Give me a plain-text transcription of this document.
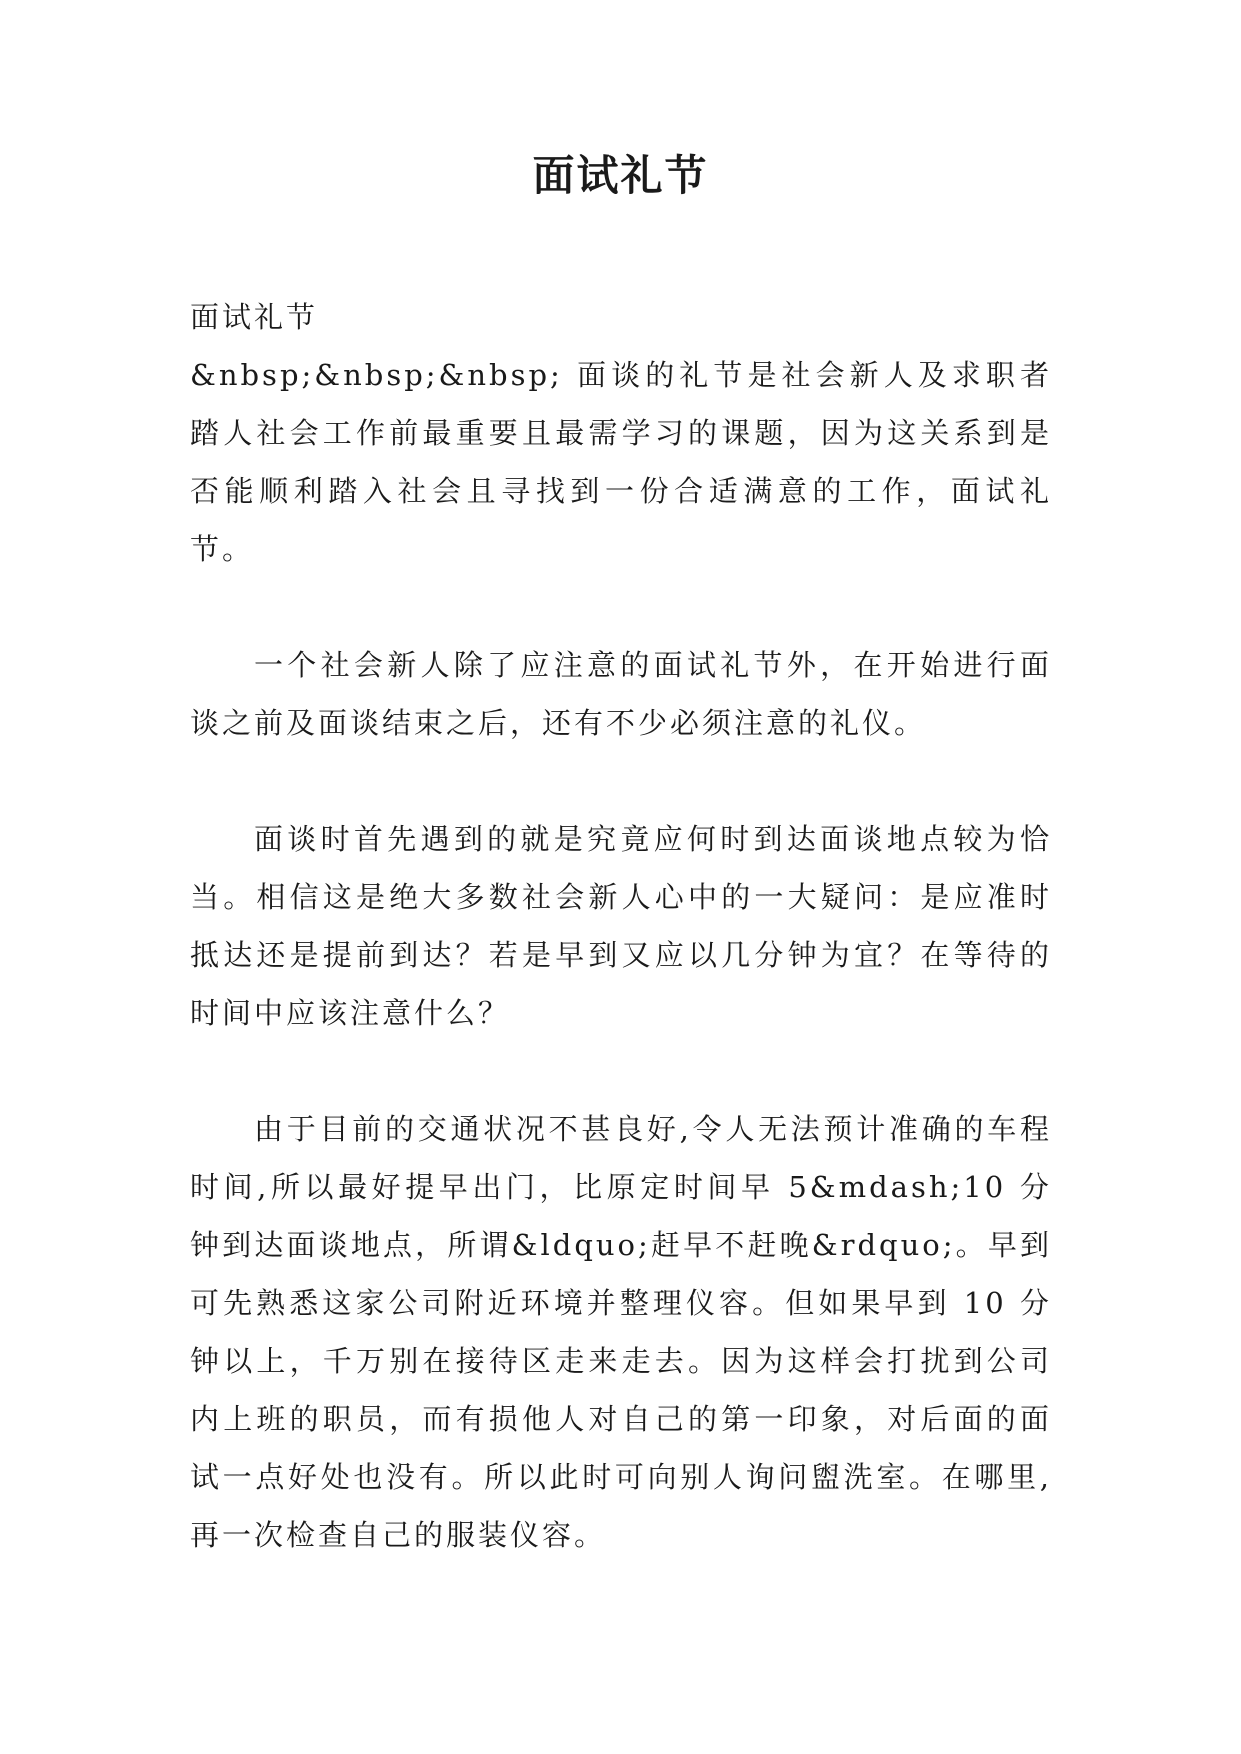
面试礼节

面试礼节

&nbsp;&nbsp;&nbsp; 面谈的礼节是社会新人及求职者踏人社会工作前最重要且最需学习的课题，因为这关系到是否能顺利踏入社会且寻找到一份合适满意的工作，面试礼节。

一个社会新人除了应注意的面试礼节外，在开始进行面谈之前及面谈结束之后，还有不少必须注意的礼仪。

面谈时首先遇到的就是究竟应何时到达面谈地点较为恰当。相信这是绝大多数社会新人心中的一大疑问：是应准时抵达还是提前到达？若是早到又应以几分钟为宜？在等待的时间中应该注意什么？

由于目前的交通状况不甚良好,令人无法预计准确的车程时间,所以最好提早出门，比原定时间早 5&mdash;10 分钟到达面谈地点，所谓&ldquo;赶早不赶晚&rdquo;。早到可先熟悉这家公司附近环境并整理仪容。但如果早到 10 分钟以上，千万别在接待区走来走去。因为这样会打扰到公司内上班的职员，而有损他人对自己的第一印象，对后面的面试一点好处也没有。所以此时可向别人询问盥洗室。在哪里,再一次检查自己的服装仪容。
